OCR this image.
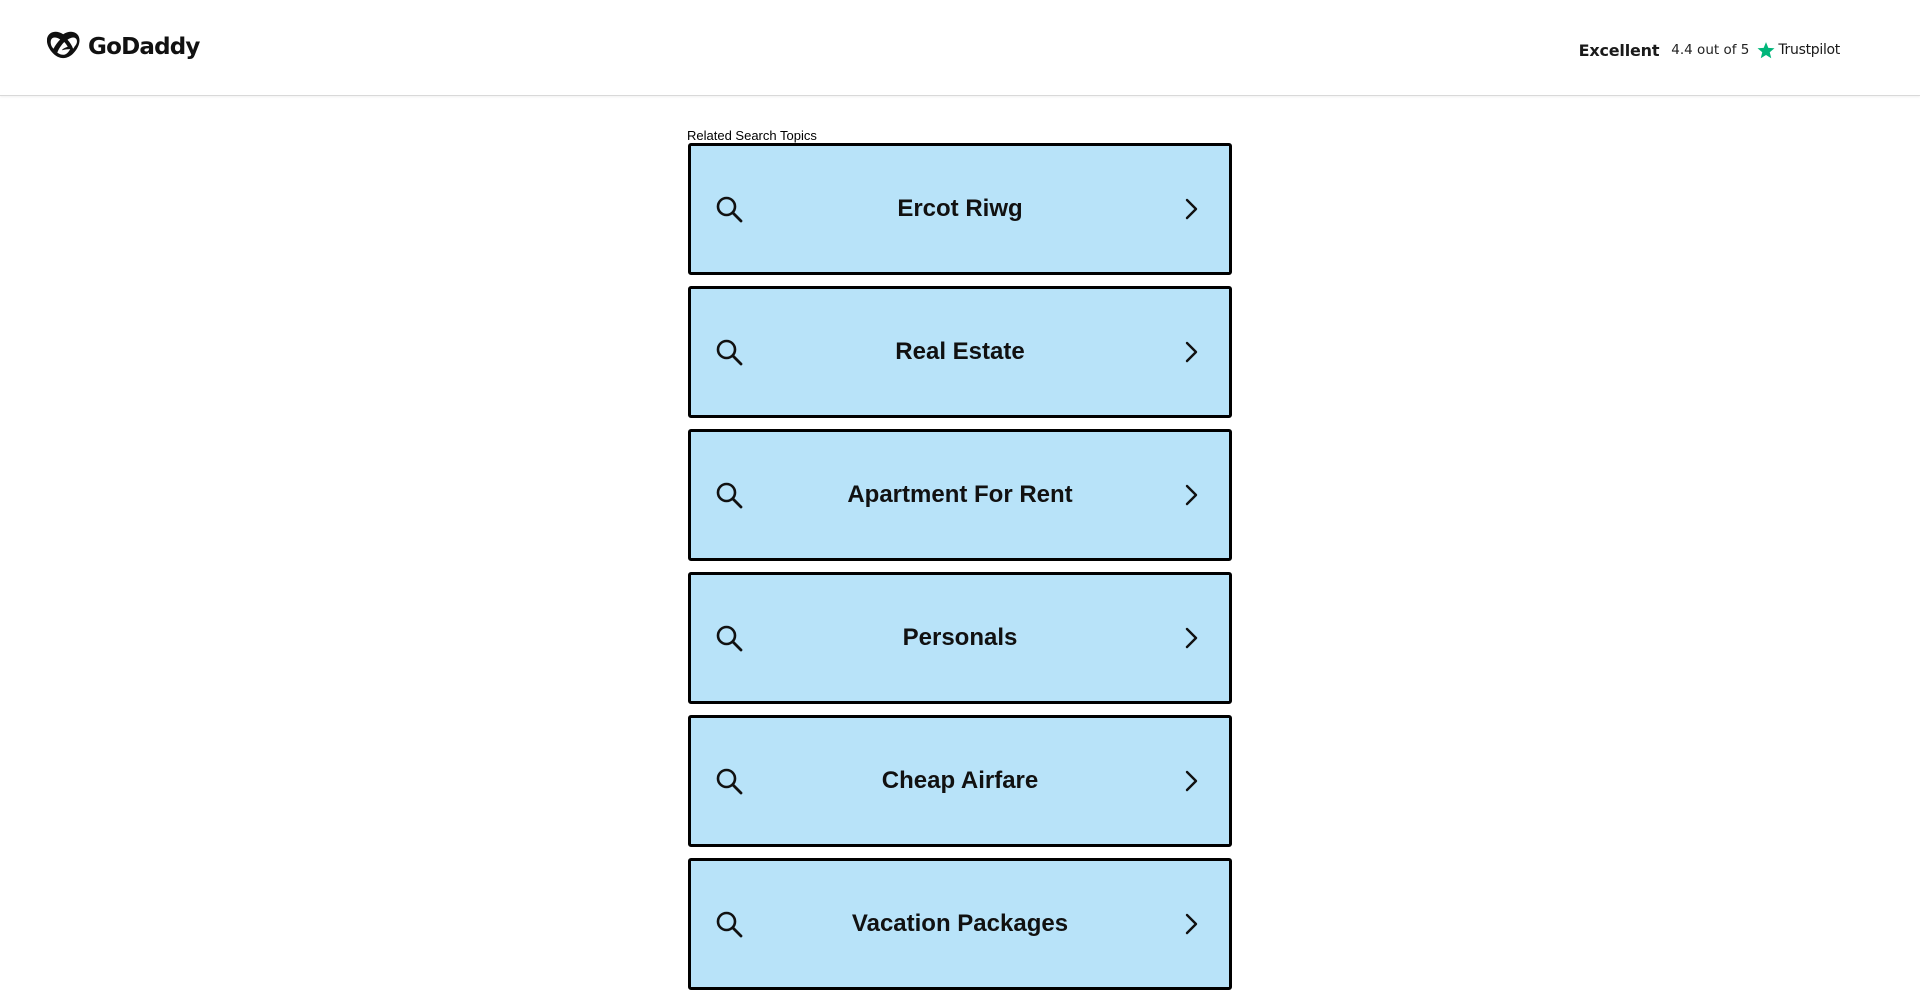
GoDaddy	Excellent 4.4 out of 5 Trustpilot
Related Search Topics
Ercot Riwg
Real Estate
Apartment For Rent
Personals
Cheap Airfare
Vacation Packages
